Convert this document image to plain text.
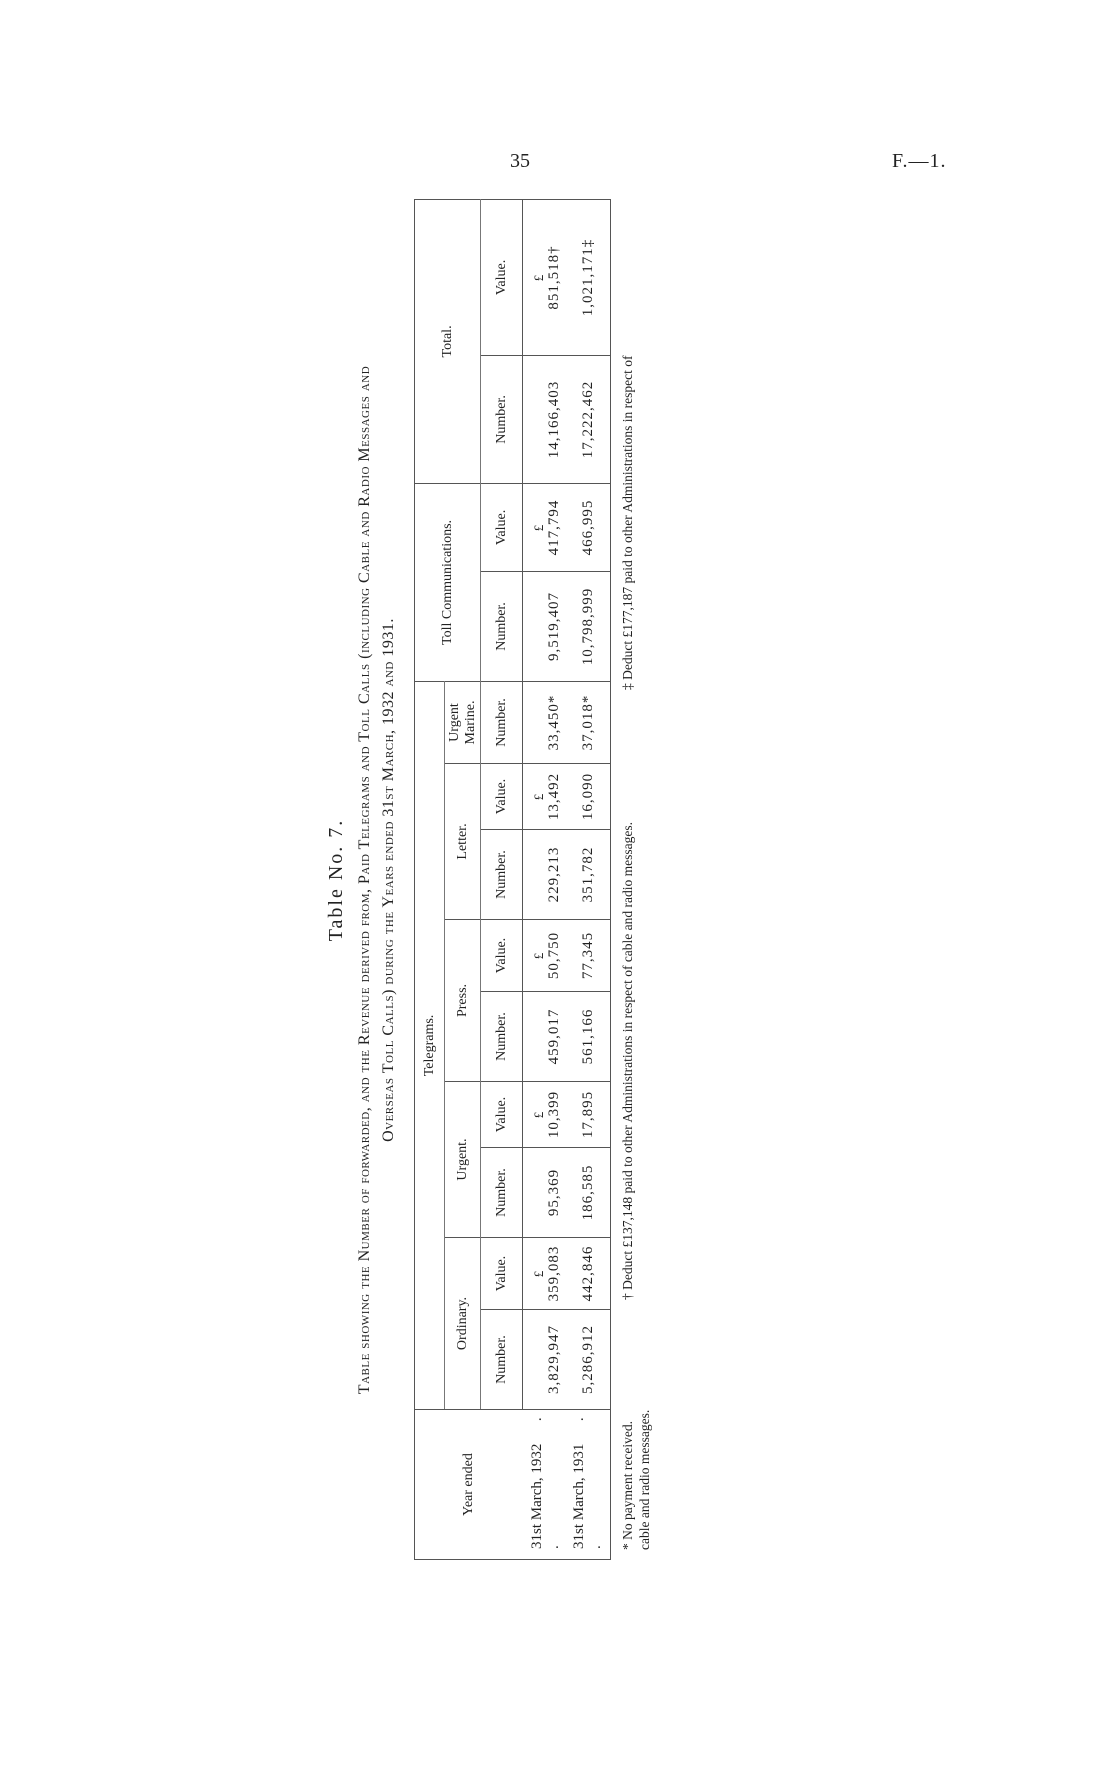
35	F.—1.
Table No. 7. Table showing the Number of forwarded, and the Revenue derived from, Paid Telegrams and Toll Calls (including Cable and Radio Messages and Overseas Toll Calls) during the Years ended 31st March, 1932 and 1931.
Year ended	Telegrams.									Toll Communications.		Total.	
	Ordinary.		Urgent.		Press.		Letter.		Urgent Marine.				
	Number.	Value.	Number.	Value.	Number.	Value.	Number.	Value.	Number.	Number.	Value.	Number.	Value.
31st March, 1932      . .	3,829,947	£ 359,083	95,369	£ 10,399	459,017	£ 50,750	229,213	£ 13,492	33,450*	9,519,407	£ 417,794	14,166,403	£ 851,518†
31st March, 1931      . .	5,286,912	442,846	186,585	17,895	561,166	77,345	351,782	16,090	37,018*	10,798,999	466,995	17,222,462	1,021,171‡
* No payment received. cable and radio messages.
† Deduct £137,148 paid to other Administrations in respect of cable and radio messages.
‡ Deduct £177,187 paid to other Administrations in respect of
